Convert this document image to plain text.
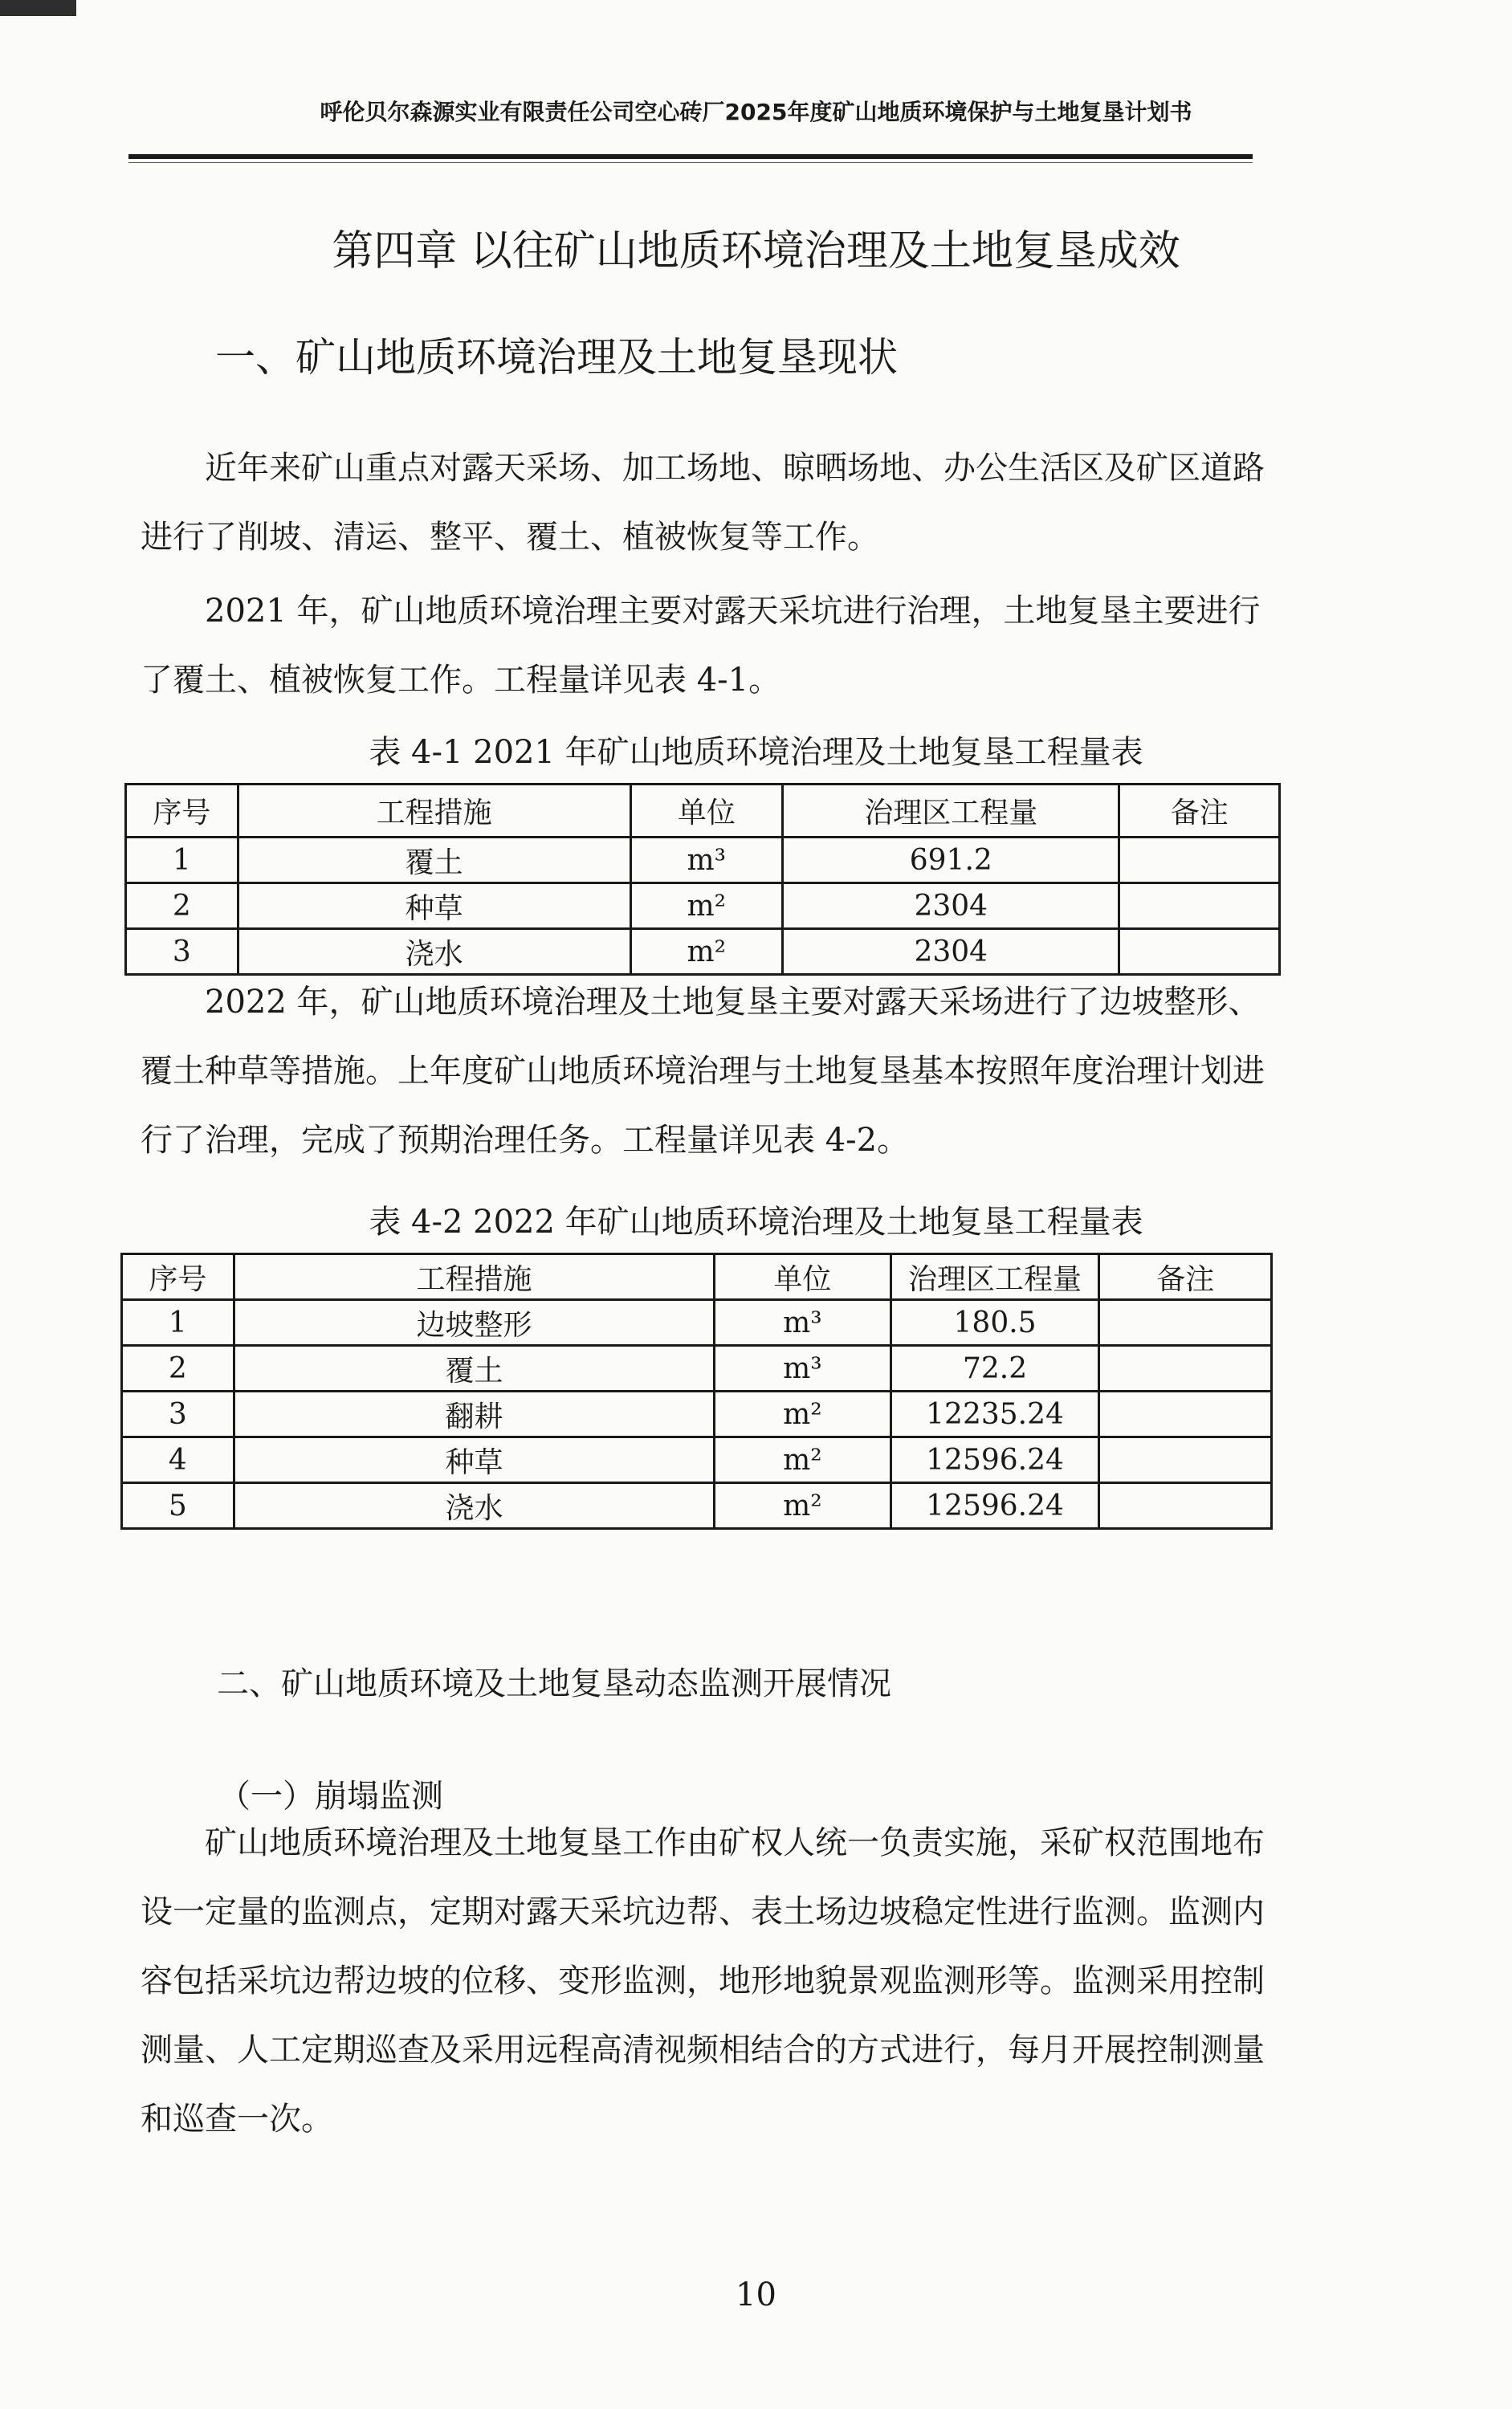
呼伦贝尔森源实业有限责任公司空心砖厂2025年度矿山地质环境保护与土地复垦计划书
第四章 以往矿山地质环境治理及土地复垦成效
一、矿山地质环境治理及土地复垦现状
近年来矿山重点对露天采场、加工场地、晾晒场地、办公生活区及矿区道路
进行了削坡、清运、整平、覆土、植被恢复等工作。
2021 年，矿山地质环境治理主要对露天采坑进行治理，土地复垦主要进行
了覆土、植被恢复工作。工程量详见表 4-1。
表 4-1 2021 年矿山地质环境治理及土地复垦工程量表
序号	工程措施	单位	治理区工程量	备注
1	覆土	m³	691.2	
2	种草	m²	2304	
3	浇水	m²	2304	
2022 年，矿山地质环境治理及土地复垦主要对露天采场进行了边坡整形、
覆土种草等措施。上年度矿山地质环境治理与土地复垦基本按照年度治理计划进
行了治理，完成了预期治理任务。工程量详见表 4-2。
表 4-2 2022 年矿山地质环境治理及土地复垦工程量表
序号	工程措施	单位	治理区工程量	备注
1	边坡整形	m³	180.5	
2	覆土	m³	72.2	
3	翻耕	m²	12235.24	
4	种草	m²	12596.24	
5	浇水	m²	12596.24	
二、矿山地质环境及土地复垦动态监测开展情况
（一）崩塌监测
矿山地质环境治理及土地复垦工作由矿权人统一负责实施，采矿权范围地布
设一定量的监测点，定期对露天采坑边帮、表土场边坡稳定性进行监测。监测内
容包括采坑边帮边坡的位移、变形监测，地形地貌景观监测形等。监测采用控制
测量、人工定期巡查及采用远程高清视频相结合的方式进行，每月开展控制测量
和巡查一次。
10
